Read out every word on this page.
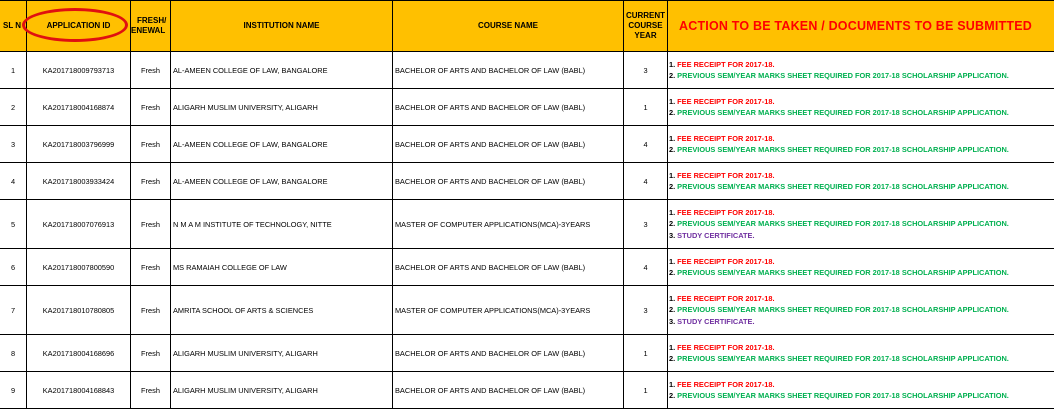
SL N	APPLICATION ID	FRESH/
ENEWAL	INSTITUTION NAME	COURSE NAME	CURRENT
COURSE
YEAR	ACTION TO BE TAKEN / DOCUMENTS TO BE SUBMITTED
1	KA201718009793713	Fresh	AL-AMEEN COLLEGE OF LAW, BANGALORE	BACHELOR OF ARTS AND BACHELOR OF LAW (BABL)	3	1. FEE RECEIPT FOR 2017-18.
2. PREVIOUS SEM/YEAR MARKS SHEET REQUIRED FOR 2017-18 SCHOLARSHIP APPLICATION.

2	KA201718004168874	Fresh	ALIGARH MUSLIM UNIVERSITY, ALIGARH	BACHELOR OF ARTS AND BACHELOR OF LAW (BABL)	1	1. FEE RECEIPT FOR 2017-18.
2. PREVIOUS SEM/YEAR MARKS SHEET REQUIRED FOR 2017-18 SCHOLARSHIP APPLICATION.

3	KA201718003796999	Fresh	AL-AMEEN COLLEGE OF LAW, BANGALORE	BACHELOR OF ARTS AND BACHELOR OF LAW (BABL)	4	1. FEE RECEIPT FOR 2017-18.
2. PREVIOUS SEM/YEAR MARKS SHEET REQUIRED FOR 2017-18 SCHOLARSHIP APPLICATION.

4	KA201718003933424	Fresh	AL-AMEEN COLLEGE OF LAW, BANGALORE	BACHELOR OF ARTS AND BACHELOR OF LAW (BABL)	4	1. FEE RECEIPT FOR 2017-18.
2. PREVIOUS SEM/YEAR MARKS SHEET REQUIRED FOR 2017-18 SCHOLARSHIP APPLICATION.

5	KA201718007076913	Fresh	N M A M INSTITUTE OF TECHNOLOGY, NITTE	MASTER OF COMPUTER APPLICATIONS(MCA)-3YEARS	3	1. FEE RECEIPT FOR 2017-18.
2. PREVIOUS SEM/YEAR MARKS SHEET REQUIRED FOR 2017-18 SCHOLARSHIP APPLICATION.
3. STUDY CERTIFICATE.

6	KA201718007800590	Fresh	MS RAMAIAH COLLEGE OF LAW	BACHELOR OF ARTS AND BACHELOR OF LAW (BABL)	4	1. FEE RECEIPT FOR 2017-18.
2. PREVIOUS SEM/YEAR MARKS SHEET REQUIRED FOR 2017-18 SCHOLARSHIP APPLICATION.

7	KA201718010780805	Fresh	AMRITA SCHOOL OF ARTS & SCIENCES	MASTER OF COMPUTER APPLICATIONS(MCA)-3YEARS	3	1. FEE RECEIPT FOR 2017-18.
2. PREVIOUS SEM/YEAR MARKS SHEET REQUIRED FOR 2017-18 SCHOLARSHIP APPLICATION.
3. STUDY CERTIFICATE.

8	KA201718004168696	Fresh	ALIGARH MUSLIM UNIVERSITY, ALIGARH	BACHELOR OF ARTS AND BACHELOR OF LAW (BABL)	1	1. FEE RECEIPT FOR 2017-18.
2. PREVIOUS SEM/YEAR MARKS SHEET REQUIRED FOR 2017-18 SCHOLARSHIP APPLICATION.

9	KA201718004168843	Fresh	ALIGARH MUSLIM UNIVERSITY, ALIGARH	BACHELOR OF ARTS AND BACHELOR OF LAW (BABL)	1	1. FEE RECEIPT FOR 2017-18.
2. PREVIOUS SEM/YEAR MARKS SHEET REQUIRED FOR 2017-18 SCHOLARSHIP APPLICATION.
